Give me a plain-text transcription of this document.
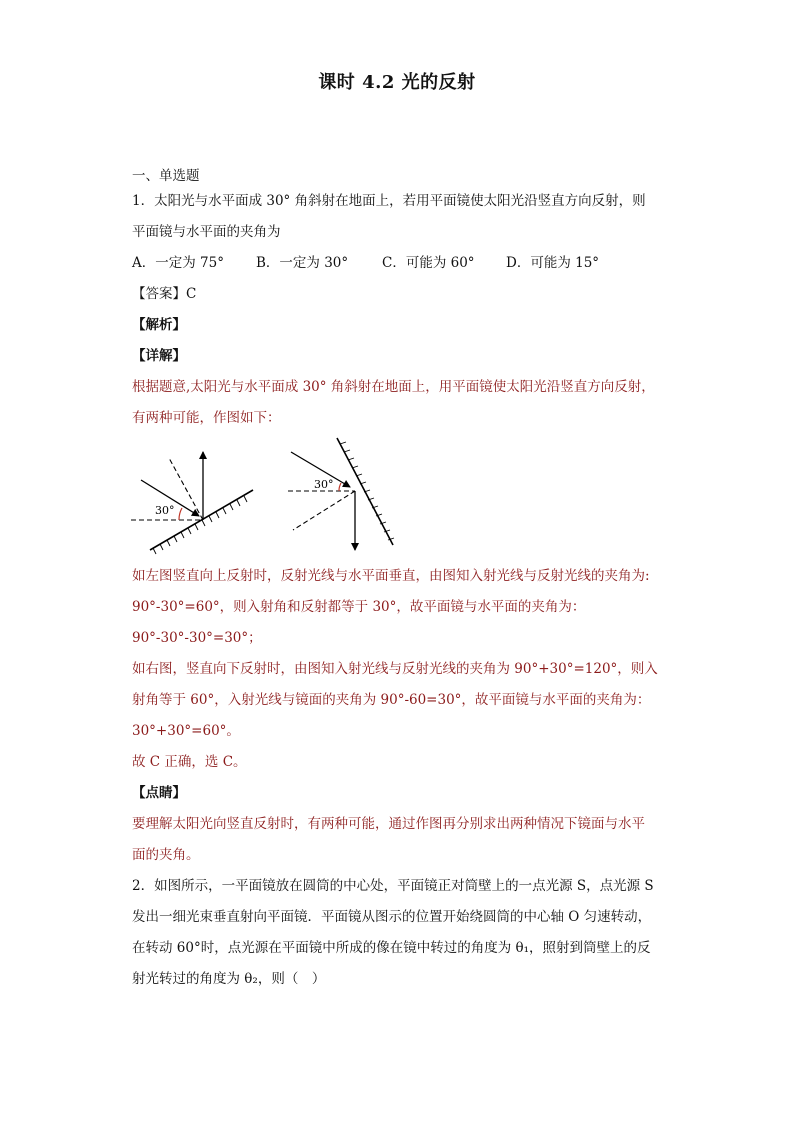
课时 4.2 光的反射
一、单选题
1．太阳光与水平面成 30° 角斜射在地面上，若用平面镜使太阳光沿竖直方向反射，则
平面镜与水平面的夹角为
A．一定为 75° B．一定为 30°	C．可能为 60° D．可能为 15°
【答案】C
【解析】
【详解】
根据题意,太阳光与水平面成 30° 角斜射在地面上，用平面镜使太阳光沿竖直方向反射，
有两种可能，作图如下：
30°
30°
如左图竖直向上反射时，反射光线与水平面垂直，由图知入射光线与反射光线的夹角为:
90°-30°=60°，则入射角和反射都等于 30°，故平面镜与水平面的夹角为：
90°-30°-30°=30°；
如右图，竖直向下反射时，由图知入射光线与反射光线的夹角为 90°+30°=120°，则入
射角等于 60°，入射光线与镜面的夹角为 90°-60=30°，故平面镜与水平面的夹角为：
30°+30°=60°。
故 C 正确，选 C。
【点睛】
要理解太阳光向竖直反射时，有两种可能，通过作图再分别求出两种情况下镜面与水平
面的夹角。
2．如图所示，一平面镜放在圆筒的中心处，平面镜正对筒壁上的一点光源 S，点光源 S
发出一细光束垂直射向平面镜．平面镜从图示的位置开始绕圆筒的中心轴 O 匀速转动，
在转动 60°时，点光源在平面镜中所成的像在镜中转过的角度为 θ₁，照射到筒壁上的反
射光转过的角度为 θ₂，则（　）
